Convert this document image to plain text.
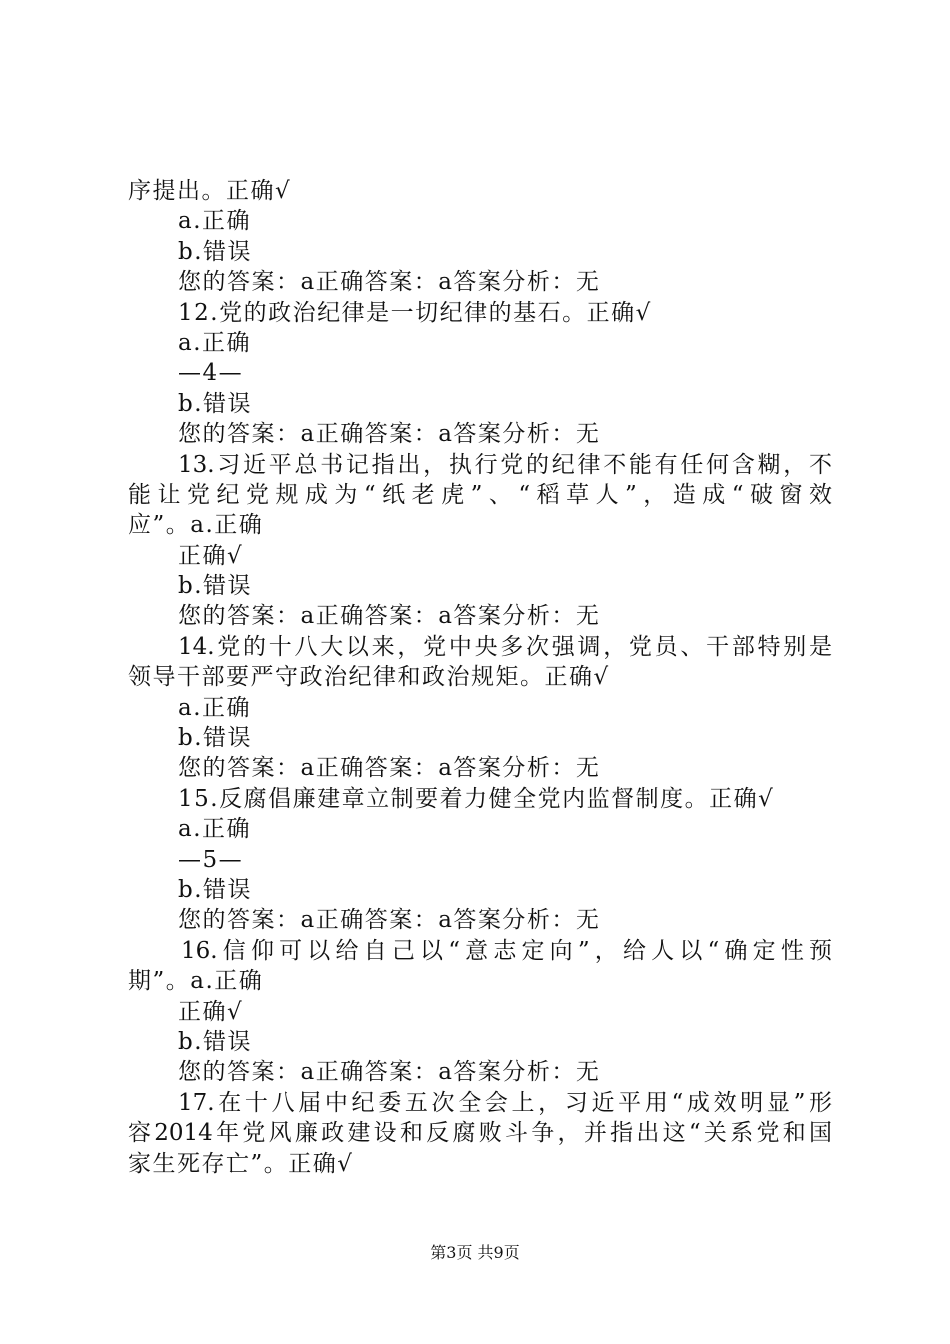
序提出。正确√
a.正确
b.错误
您的答案：a正确答案：a答案分析：无
12.党的政治纪律是一切纪律的基石。正确√
a.正确
—4—
b.错误
您的答案：a正确答案：a答案分析：无
13.习近平总书记指出，执行党的纪律不能有任何含糊，不
能让党纪党规成为“纸老虎”、“稻草人”，造成“破窗效
应”。a.正确
正确√
b.错误
您的答案：a正确答案：a答案分析：无
14.党的十八大以来，党中央多次强调，党员、干部特别是
领导干部要严守政治纪律和政治规矩。正确√
a.正确
b.错误
您的答案：a正确答案：a答案分析：无
15.反腐倡廉建章立制要着力健全党内监督制度。正确√
a.正确
—5—
b.错误
您的答案：a正确答案：a答案分析：无
16.信仰可以给自己以“意志定向”，给人以“确定性预
期”。a.正确
正确√
b.错误
您的答案：a正确答案：a答案分析：无
17.在十八届中纪委五次全会上，习近平用“成效明显”形
容2014年党风廉政建设和反腐败斗争，并指出这“关系党和国
家生死存亡”。正确√
第3页 共9页
